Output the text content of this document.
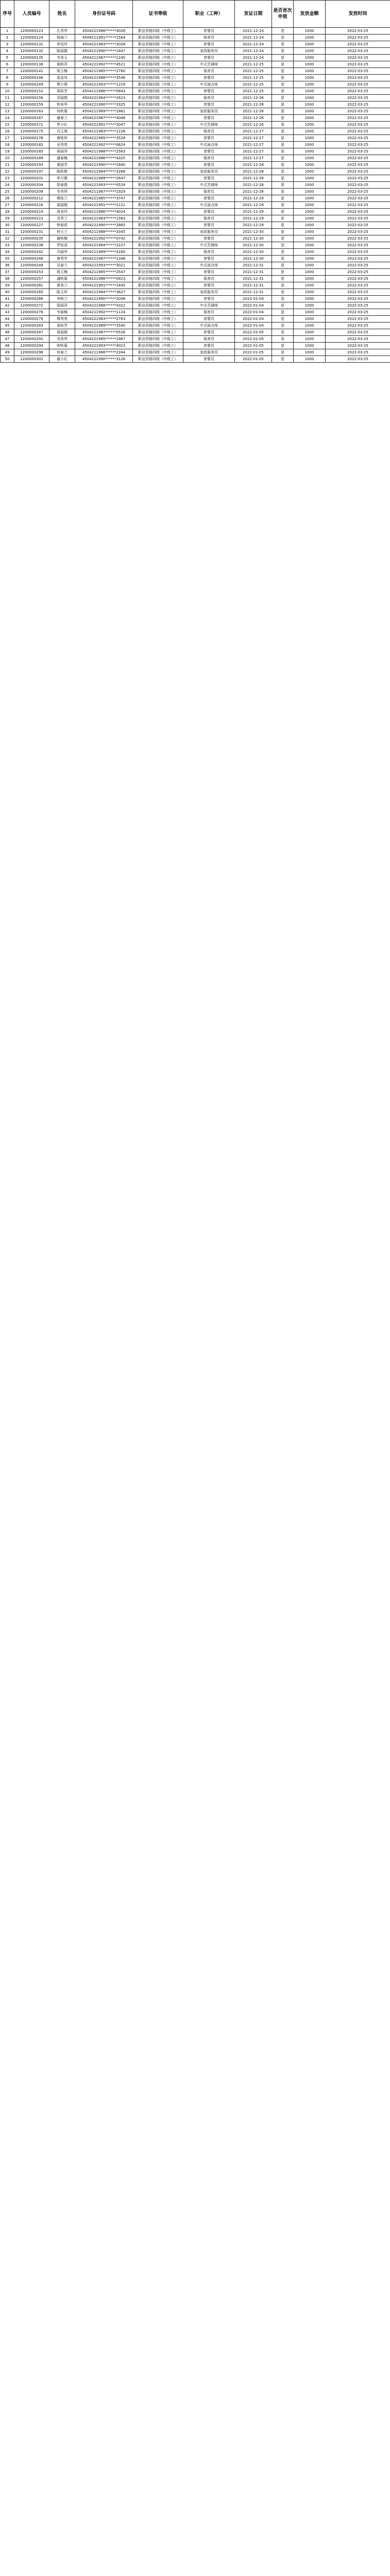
序号	人员编号	姓名	身份证号码	证书等级	职业（工种）	发证日期	是否首次申领	发放金额	发放时间
1	1200000123	孔秀华	4504221986******4026	职业资格四级（中级工）	育婴员	2021-12-24	是	1000	2022-03-25
2	1200000124	杨海兰	4504211991******1564	职业资格四级（中级工）	保育员	2021-12-24	是	1000	2022-03-25
3	1200000131	李凤玲	4504221983******3028	职业资格四级（中级工）	育婴员	2021-12-24	是	1000	2022-03-25
4	1200000132	陈丽霞	4504221990******1847	职业资格四级（中级工）	家政服务员	2021-12-24	是	1000	2022-03-25
5	1200000135	韦美玉	4504211987******1245	职业资格四级（中级工）	育婴员	2021-12-24	是	1000	2022-03-25
6	1200000138	黄秋萍	4504221992******4521	职业资格四级（中级工）	中式烹调师	2021-12-25	是	1000	2022-03-25
7	1200000141	梁玉梅	4504211985******2760	职业资格四级（中级工）	保育员	2021-12-25	是	1000	2022-03-25
8	1200000146	莫金凤	4504221988******3546	职业资格四级（中级工）	育婴员	2021-12-25	是	1000	2022-03-25
9	1200000149	覃小燕	4504221993******1229	职业资格四级（中级工）	中式面点师	2021-12-25	是	1000	2022-03-25
10	1200000152	周桂芳	4504211986******0843	职业资格四级（中级工）	育婴员	2021-12-25	是	1000	2022-03-25
11	1200000156	邓丽娟	4504221984******2623	职业资格四级（中级工）	保育员	2021-12-26	是	1000	2022-03-25
12	1200000159	钟美华	4504221990******3325	职业资格四级（中级工）	育婴员	2021-12-26	是	1000	2022-03-25
13	1200000163	何秋菊	4504211989******1861	职业资格四级（中级工）	家政服务员	2021-12-26	是	1000	2022-03-25
14	1200000167	谢春兰	4504221987******4048	职业资格四级（中级工）	育婴员	2021-12-26	是	1000	2022-03-25
15	1200000171	罗小红	4504221991******2047	职业资格四级（中级工）	中式烹调师	2021-12-26	是	1000	2022-03-25
16	1200000175	冯玉莲	4504211983******1226	职业资格四级（中级工）	保育员	2021-12-27	是	1000	2022-03-25
17	1200000178	唐桂珍	4504221985******3528	职业资格四级（中级工）	育婴员	2021-12-27	是	1000	2022-03-25
18	1200000182	吴秀英	4504221992******0624	职业资格四级（中级工）	中式面点师	2021-12-27	是	1000	2022-03-25
19	1200000185	蒋丽萍	4504211988******2563	职业资格四级（中级工）	育婴员	2021-12-27	是	1000	2022-03-25
20	1200000189	潘春梅	4504221986******4325	职业资格四级（中级工）	保育员	2021-12-27	是	1000	2022-03-25
21	1200000193	黄丽芳	4504221990******1840	职业资格四级（中级工）	育婴员	2021-12-28	是	1000	2022-03-25
22	1200000197	陈秋艳	4504211984******3266	职业资格四级（中级工）	家政服务员	2021-12-28	是	1000	2022-03-25
23	1200000201	李月娥	4504221989******2647	职业资格四级（中级工）	育婴员	2021-12-28	是	1000	2022-03-25
24	1200000204	梁春燕	4504221993******0528	职业资格四级（中级工）	中式烹调师	2021-12-28	是	1000	2022-03-25
25	1200000208	韦秀珍	4504211987******1929	职业资格四级（中级工）	保育员	2021-12-28	是	1000	2022-03-25
26	1200000212	覃桂兰	4504221985******3747	职业资格四级（中级工）	育婴员	2021-12-29	是	1000	2022-03-25
27	1200000216	莫丽娟	4504221991******2121	职业资格四级（中级工）	中式面点师	2021-12-29	是	1000	2022-03-25
28	1200000219	周美玲	4504211986******4024	职业资格四级（中级工）	育婴员	2021-12-29	是	1000	2022-03-25
29	1200000223	邓秀兰	4504221983******1563	职业资格四级（中级工）	保育员	2021-12-29	是	1000	2022-03-25
30	1200000227	钟春花	4504221990******2865	职业资格四级（中级工）	育婴员	2021-12-29	是	1000	2022-03-25
31	1200000231	何玉兰	4504211988******3345	职业资格四级（中级工）	家政服务员	2021-12-30	是	1000	2022-03-25
32	1200000235	谢秋梅	4504221992******0742	职业资格四级（中级工）	育婴员	2021-12-30	是	1000	2022-03-25
33	1200000238	罗桂香	4504221984******2227	职业资格四级（中级工）	中式烹调师	2021-12-30	是	1000	2022-03-25
34	1200000242	冯丽华	4504211989******4160	职业资格四级（中级工）	保育员	2021-12-30	是	1000	2022-03-25
35	1200000246	唐秀芳	4504221987******1348	职业资格四级（中级工）	育婴员	2021-12-30	是	1000	2022-03-25
36	1200000249	吴春兰	4504221993******3021	职业资格四级（中级工）	中式面点师	2021-12-31	是	1000	2022-03-25
37	1200000253	蒋玉梅	4504211985******2547	职业资格四级（中级工）	育婴员	2021-12-31	是	1000	2022-03-25
38	1200000257	潘秋菊	4504221986******0923	职业资格四级（中级工）	保育员	2021-12-31	是	1000	2022-03-25
39	1200000261	黄美兰	4504221991******1445	职业资格四级（中级工）	育婴员	2021-12-31	是	1000	2022-03-25
40	1200000265	陈玉珍	4504211984******3627	职业资格四级（中级工）	家政服务员	2021-12-31	是	1000	2022-03-25
41	1200000268	李秋兰	4504221990******2048	职业资格四级（中级工）	育婴员	2022-01-04	是	1000	2022-03-25
42	1200000272	梁丽萍	4504221988******4322	职业资格四级（中级工）	中式烹调师	2022-01-04	是	1000	2022-03-25
43	1200000276	韦春梅	4504211992******1124	职业资格四级（中级工）	保育员	2022-01-04	是	1000	2022-03-25
44	1200000279	覃秀英	4504221983******2763	职业资格四级（中级工）	育婴员	2022-01-04	是	1000	2022-03-25
45	1200000283	莫桂芳	4504221989******3540	职业资格四级（中级工）	中式面点师	2022-01-04	是	1000	2022-03-25
46	1200000287	周丽娟	4504211987******0526	职业资格四级（中级工）	育婴员	2022-01-05	是	1000	2022-03-25
47	1200000291	邓美华	4504221985******1967	职业资格四级（中级工）	保育员	2022-01-05	是	1000	2022-03-25
48	1200000294	钟秋菊	4504221993******4023	职业资格四级（中级工）	育婴员	2022-01-05	是	1000	2022-03-25
49	1200000298	何春兰	4504211986******2344	职业资格四级（中级工）	家政服务员	2022-01-05	是	1000	2022-03-25
50	1200000302	谢小红	4504221990******3126	职业资格四级（中级工）	育婴员	2022-01-05	是	1000	2022-03-25
